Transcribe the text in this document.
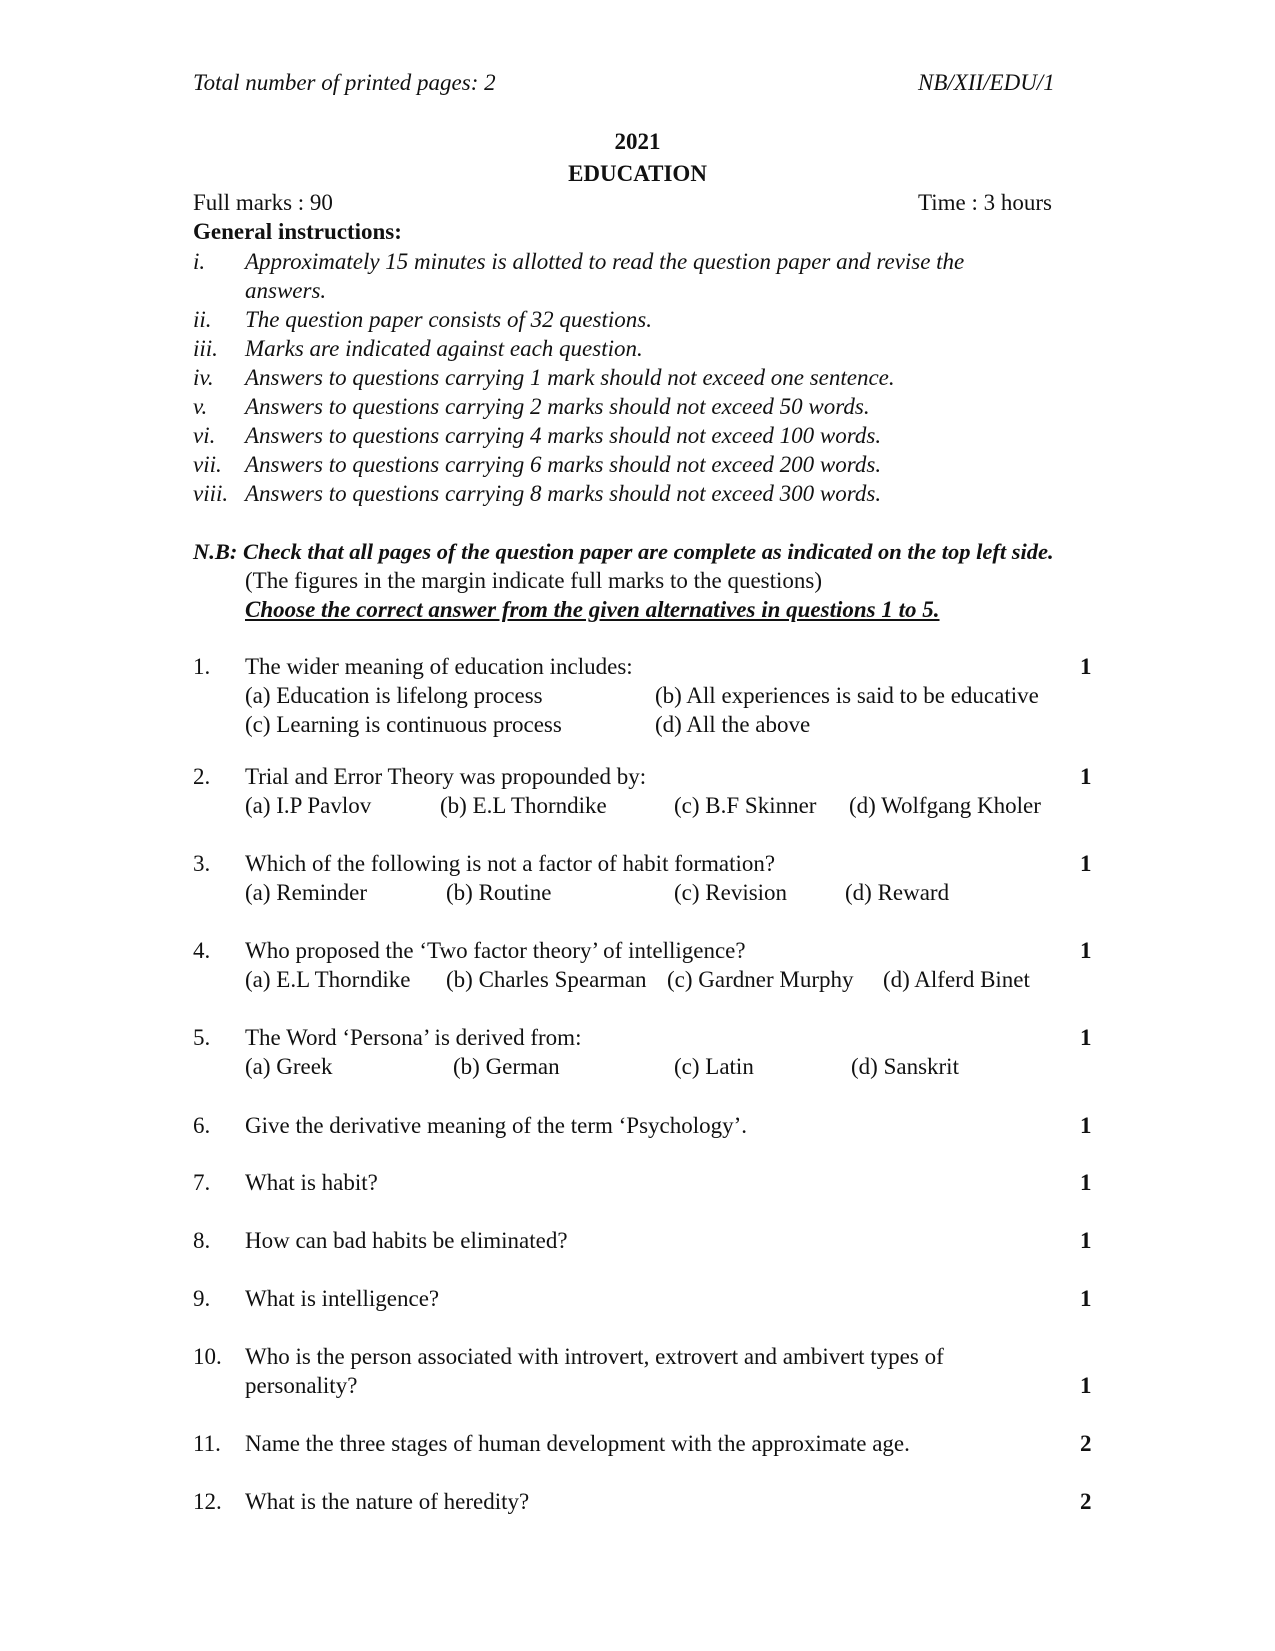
Total number of printed pages: 2	NB/XII/EDU/1
2021
EDUCATION
Full marks : 90	Time : 3 hours
General instructions:
i. Approximately 15 minutes is allotted to read the question paper and revise the
answers.
ii. The question paper consists of 32 questions.
iii. Marks are indicated against each question.
iv. Answers to questions carrying 1 mark should not exceed one sentence.
v. Answers to questions carrying 2 marks should not exceed 50 words.
vi. Answers to questions carrying 4 marks should not exceed 100 words.
vii. Answers to questions carrying 6 marks should not exceed 200 words.
viii. Answers to questions carrying 8 marks should not exceed 300 words.
N.B: Check that all pages of the question paper are complete as indicated on the top left side.
(The figures in the margin indicate full marks to the questions)
Choose the correct answer from the given alternatives in questions 1 to 5.
1. The wider meaning of education includes:	1
(a) Education is lifelong process	(b) All experiences is said to be educative
(c) Learning is continuous process	(d) All the above
2. Trial and Error Theory was propounded by:	1
(a) I.P Pavlov	(b) E.L Thorndike	(c) B.F Skinner (d) Wolfgang Kholer
3. Which of the following is not a factor of habit formation?	1
(a) Reminder	(b) Routine	(c) Revision	(d) Reward
4. Who proposed the ‘Two factor theory’ of intelligence?	1
(a) E.L Thorndike (b) Charles Spearman (c) Gardner Murphy (d) Alferd Binet
5. The Word ‘Persona’ is derived from:	1
(a) Greek	(b) German	(c) Latin	(d) Sanskrit
6. Give the derivative meaning of the term ‘Psychology’.	1
7. What is habit?	1
8. How can bad habits be eliminated?	1
9. What is intelligence?	1
10. Who is the person associated with introvert, extrovert and ambivert types of
personality?	1
11. Name the three stages of human development with the approximate age.	2
12. What is the nature of heredity?	2
